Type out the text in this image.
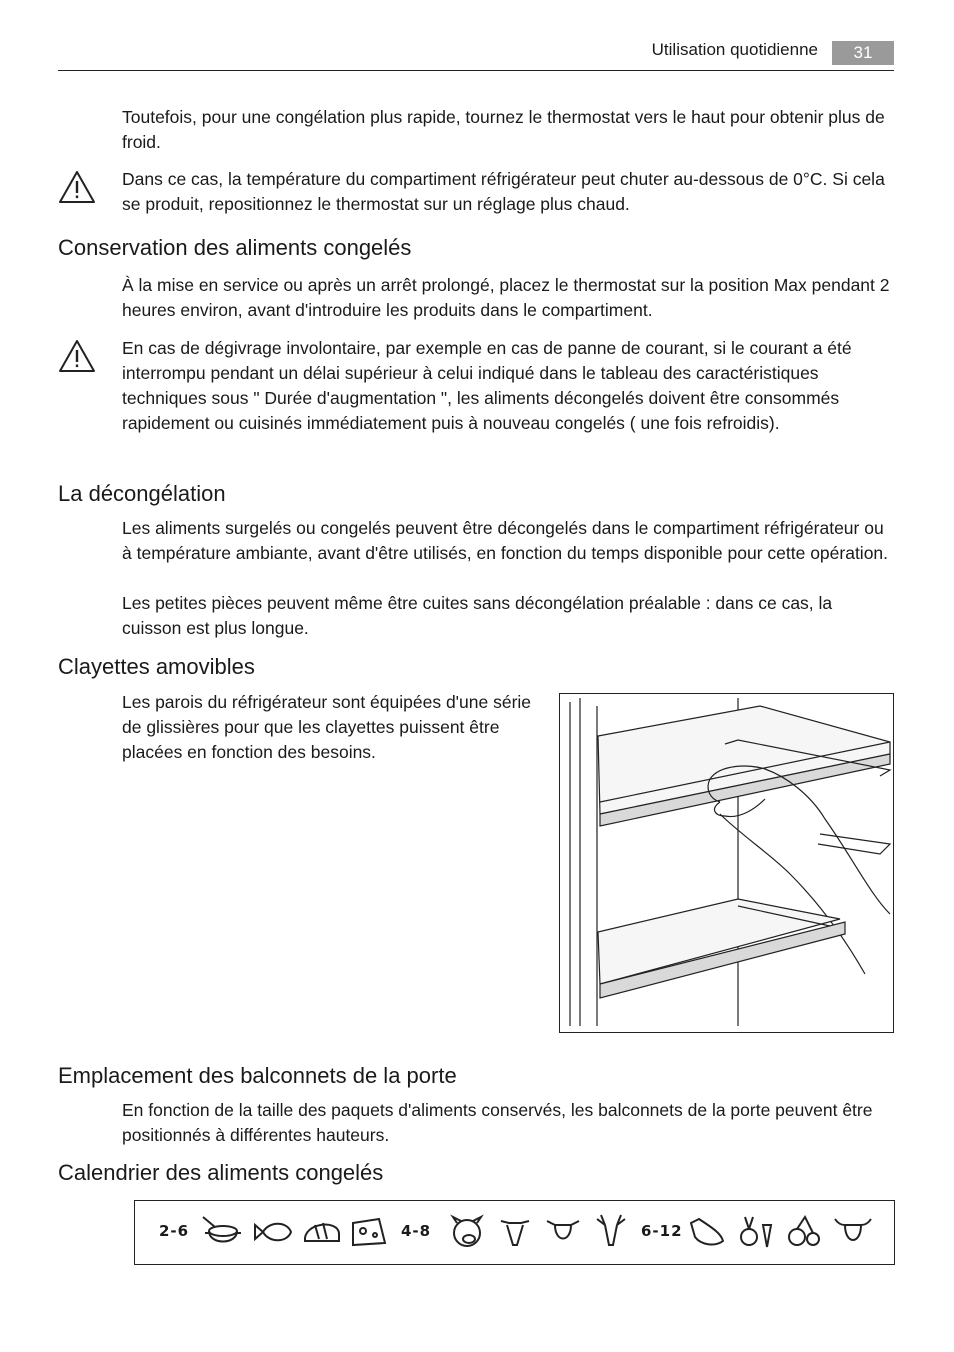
Utilisation quotidienne	31

Toutefois, pour une congélation plus rapide, tournez le thermostat vers le haut pour obtenir plus de froid.

Dans ce cas, la température du compartiment réfrigérateur peut chuter au-dessous de 0°C. Si cela se produit, repositionnez le thermostat sur un réglage plus chaud.

Conservation des aliments congelés

À la mise en service ou après un arrêt prolongé, placez le thermostat sur la position Max pendant 2 heures environ, avant d'introduire les produits dans le compartiment.

En cas de dégivrage involontaire, par exemple en cas de panne de courant, si le courant a été interrompu pendant un délai supérieur à celui indiqué dans le tableau des caractéristiques techniques sous " Durée d'augmentation ", les aliments décongelés doivent être consommés rapidement ou cuisinés immédiatement puis à nouveau congelés ( une fois refroidis).

La décongélation

Les aliments surgelés ou congelés peuvent être décongelés dans le compartiment réfrigérateur ou à température ambiante, avant d'être utilisés, en fonction du temps disponible pour cette opération.

Les petites pièces peuvent même être cuites sans décongélation préalable : dans ce cas, la cuisson est plus longue.

Clayettes amovibles

Les parois du réfrigérateur sont équipées d'une série de glissières pour que les clayettes puissent être placées en fonction des besoins.

Emplacement des balconnets de la porte

En fonction de la taille des paquets d'aliments conservés, les balconnets de la porte peuvent être positionnés à différentes hauteurs.

Calendrier des aliments congelés
2-6	4-8	6-12
